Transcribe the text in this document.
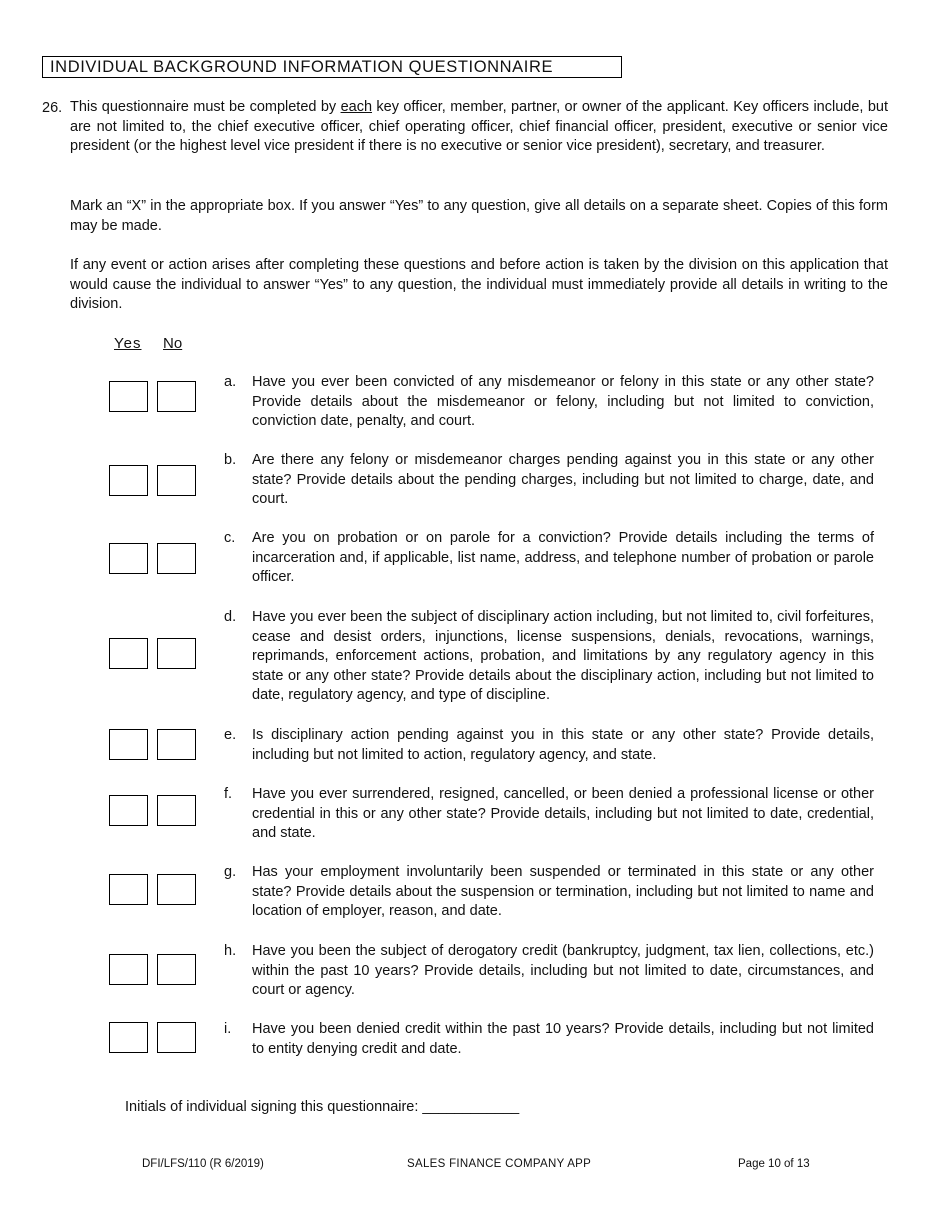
INDIVIDUAL BACKGROUND INFORMATION QUESTIONNAIRE
26. This questionnaire must be completed by each key officer, member, partner, or owner of the applicant. Key officers include, but are not limited to, the chief executive officer, chief operating officer, chief financial officer, president, executive or senior vice president (or the highest level vice president if there is no executive or senior vice president), secretary, and treasurer.
Mark an “X” in the appropriate box. If you answer “Yes” to any question, give all details on a separate sheet. Copies of this form may be made.
If any event or action arises after completing these questions and before action is taken by the division on this application that would cause the individual to answer “Yes” to any question, the individual must immediately provide all details in writing to the division.
Yes No
a. Have you ever been convicted of any misdemeanor or felony in this state or any other state? Provide details about the misdemeanor or felony, including but not limited to conviction, conviction date, penalty, and court.
b. Are there any felony or misdemeanor charges pending against you in this state or any other state? Provide details about the pending charges, including but not limited to charge, date, and court.
c. Are you on probation or on parole for a conviction? Provide details including the terms of incarceration and, if applicable, list name, address, and telephone number of probation or parole officer.
d. Have you ever been the subject of disciplinary action including, but not limited to, civil forfeitures, cease and desist orders, injunctions, license suspensions, denials, revocations, warnings, reprimands, enforcement actions, probation, and limitations by any regulatory agency in this state or any other state? Provide details about the disciplinary action, including but not limited to date, regulatory agency, and type of discipline.
e. Is disciplinary action pending against you in this state or any other state? Provide details, including but not limited to action, regulatory agency, and state.
f. Have you ever surrendered, resigned, cancelled, or been denied a professional license or other credential in this or any other state? Provide details, including but not limited to date, credential, and state.
g. Has your employment involuntarily been suspended or terminated in this state or any other state? Provide details about the suspension or termination, including but not limited to name and location of employer, reason, and date.
h. Have you been the subject of derogatory credit (bankruptcy, judgment, tax lien, collections, etc.) within the past 10 years? Provide details, including but not limited to date, circumstances, and court or agency.
i. Have you been denied credit within the past 10 years? Provide details, including but not limited to entity denying credit and date.
Initials of individual signing this questionnaire: ____________
DFI/LFS/110 (R 6/2019)	SALES FINANCE COMPANY APP	Page 10 of 13
